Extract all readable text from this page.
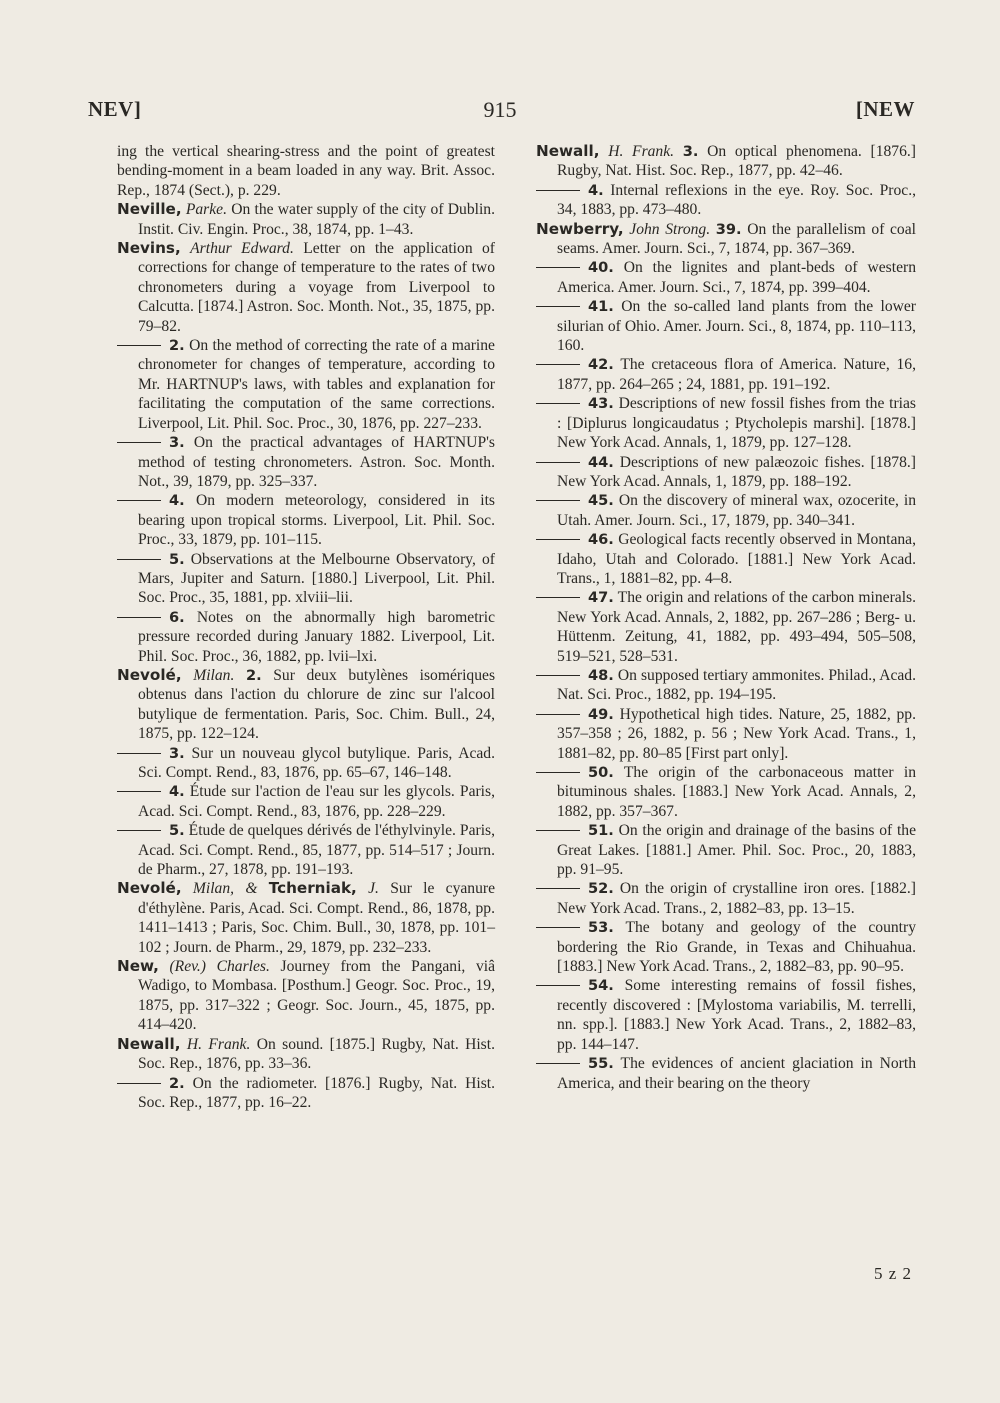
NEV]	915	[NEW

ing the vertical shearing-stress and the point of greatest bending-moment in a beam loaded in any way. Brit. Assoc. Rep., 1874 (Sect.), p. 229.

Neville, Parke. On the water supply of the city of Dublin. Instit. Civ. Engin. Proc., 38, 1874, pp. 1–43.

Nevins, Arthur Edward. Letter on the application of corrections for change of temperature to the rates of two chronometers during a voyage from Liverpool to Calcutta. [1874.] Astron. Soc. Month. Not., 35, 1875, pp. 79–82.

2. On the method of correcting the rate of a marine chronometer for changes of temperature, according to Mr. HARTNUP's laws, with tables and explanation for facilitating the computation of the same corrections. Liverpool, Lit. Phil. Soc. Proc., 30, 1876, pp. 227–233.

3. On the practical advantages of HARTNUP's method of testing chronometers. Astron. Soc. Month. Not., 39, 1879, pp. 325–337.

4. On modern meteorology, considered in its bearing upon tropical storms. Liverpool, Lit. Phil. Soc. Proc., 33, 1879, pp. 101–115.

5. Observations at the Melbourne Observatory, of Mars, Jupiter and Saturn. [1880.] Liverpool, Lit. Phil. Soc. Proc., 35, 1881, pp. xlviii–lii.

6. Notes on the abnormally high barometric pressure recorded during January 1882. Liverpool, Lit. Phil. Soc. Proc., 36, 1882, pp. lvii–lxi.

Nevolé, Milan. 2. Sur deux butylènes isomériques obtenus dans l'action du chlorure de zinc sur l'alcool butylique de fermentation. Paris, Soc. Chim. Bull., 24, 1875, pp. 122–124.

3. Sur un nouveau glycol butylique. Paris, Acad. Sci. Compt. Rend., 83, 1876, pp. 65–67, 146–148.

4. Étude sur l'action de l'eau sur les glycols. Paris, Acad. Sci. Compt. Rend., 83, 1876, pp. 228–229.

5. Étude de quelques dérivés de l'éthylvinyle. Paris, Acad. Sci. Compt. Rend., 85, 1877, pp. 514–517 ; Journ. de Pharm., 27, 1878, pp. 191–193.

Nevolé, Milan, & Tcherniak, J. Sur le cyanure d'éthylène. Paris, Acad. Sci. Compt. Rend., 86, 1878, pp. 1411–1413 ; Paris, Soc. Chim. Bull., 30, 1878, pp. 101–102 ; Journ. de Pharm., 29, 1879, pp. 232–233.

New, (Rev.) Charles. Journey from the Pangani, viâ Wadigo, to Mombasa. [Posthum.] Geogr. Soc. Proc., 19, 1875, pp. 317–322 ; Geogr. Soc. Journ., 45, 1875, pp. 414–420.

Newall, H. Frank. On sound. [1875.] Rugby, Nat. Hist. Soc. Rep., 1876, pp. 33–36.

2. On the radiometer. [1876.] Rugby, Nat. Hist. Soc. Rep., 1877, pp. 16–22.

Newall, H. Frank. 3. On optical phenomena. [1876.] Rugby, Nat. Hist. Soc. Rep., 1877, pp. 42–46.

4. Internal reflexions in the eye. Roy. Soc. Proc., 34, 1883, pp. 473–480.

Newberry, John Strong. 39. On the parallelism of coal seams. Amer. Journ. Sci., 7, 1874, pp. 367–369.

40. On the lignites and plant-beds of western America. Amer. Journ. Sci., 7, 1874, pp. 399–404.

41. On the so-called land plants from the lower silurian of Ohio. Amer. Journ. Sci., 8, 1874, pp. 110–113, 160.

42. The cretaceous flora of America. Nature, 16, 1877, pp. 264–265 ; 24, 1881, pp. 191–192.

43. Descriptions of new fossil fishes from the trias : [Diplurus longicaudatus ; Ptycholepis marshi]. [1878.] New York Acad. Annals, 1, 1879, pp. 127–128.

44. Descriptions of new palæozoic fishes. [1878.] New York Acad. Annals, 1, 1879, pp. 188–192.

45. On the discovery of mineral wax, ozocerite, in Utah. Amer. Journ. Sci., 17, 1879, pp. 340–341.

46. Geological facts recently observed in Montana, Idaho, Utah and Colorado. [1881.] New York Acad. Trans., 1, 1881–82, pp. 4–8.

47. The origin and relations of the carbon minerals. New York Acad. Annals, 2, 1882, pp. 267–286 ; Berg- u. Hüttenm. Zeitung, 41, 1882, pp. 493–494, 505–508, 519–521, 528–531.

48. On supposed tertiary ammonites. Philad., Acad. Nat. Sci. Proc., 1882, pp. 194–195.

49. Hypothetical high tides. Nature, 25, 1882, pp. 357–358 ; 26, 1882, p. 56 ; New York Acad. Trans., 1, 1881–82, pp. 80–85 [First part only].

50. The origin of the carbonaceous matter in bituminous shales. [1883.] New York Acad. Annals, 2, 1882, pp. 357–367.

51. On the origin and drainage of the basins of the Great Lakes. [1881.] Amer. Phil. Soc. Proc., 20, 1883, pp. 91–95.

52. On the origin of crystalline iron ores. [1882.] New York Acad. Trans., 2, 1882–83, pp. 13–15.

53. The botany and geology of the country bordering the Rio Grande, in Texas and Chihuahua. [1883.] New York Acad. Trans., 2, 1882–83, pp. 90–95.

54. Some interesting remains of fossil fishes, recently discovered : [Mylostoma variabilis, M. terrelli, nn. spp.]. [1883.] New York Acad. Trans., 2, 1882–83, pp. 144–147.

55. The evidences of ancient glaciation in North America, and their bearing on the theory

5 z 2
